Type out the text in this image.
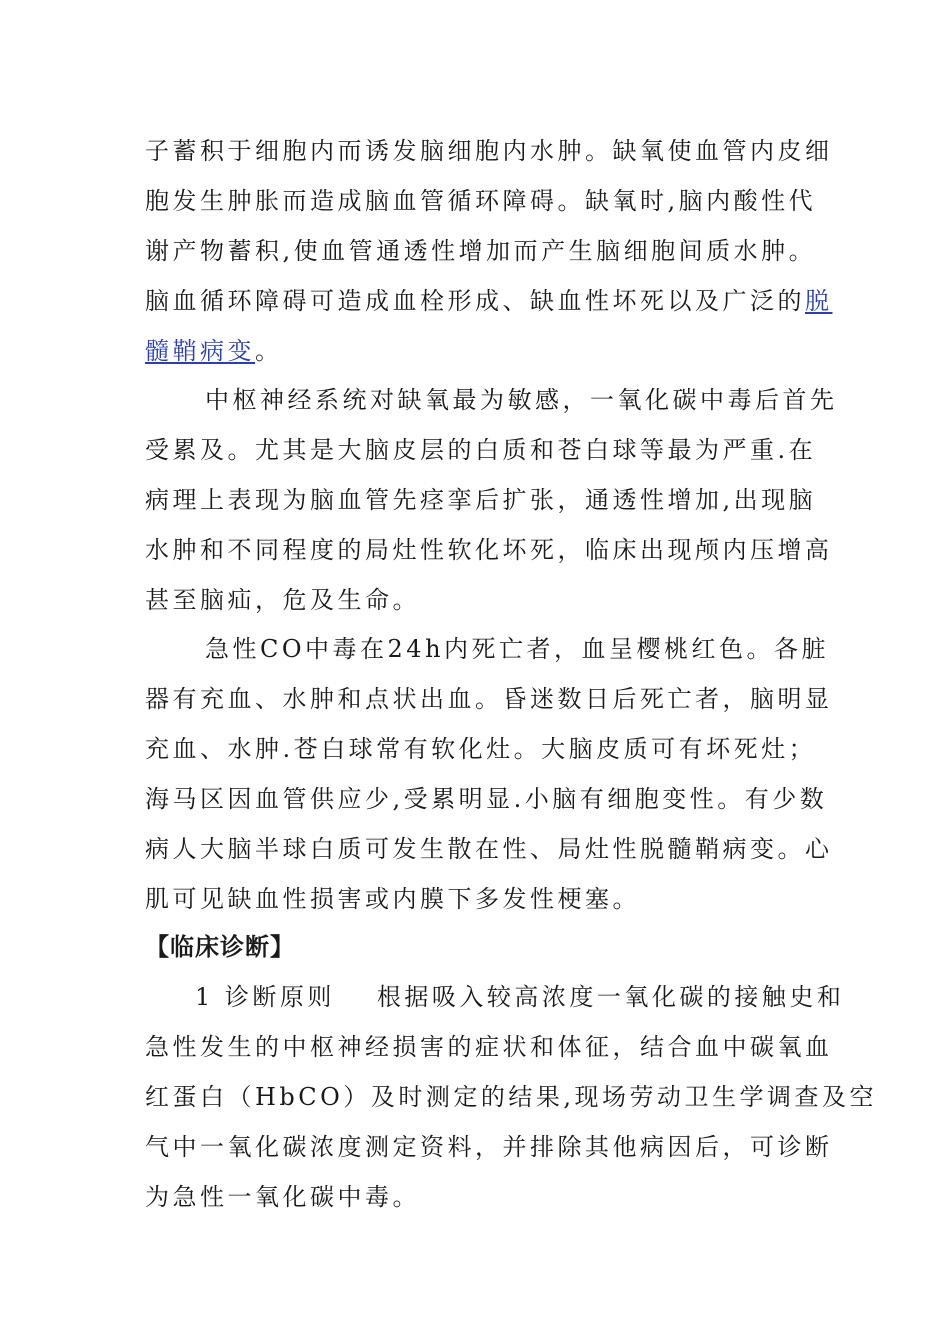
子蓄积于细胞内而诱发脑细胞内水肿。缺氧使血管内皮细
胞发生肿胀而造成脑血管循环障碍。缺氧时,脑内酸性代
谢产物蓄积,使血管通透性增加而产生脑细胞间质水肿。
脑血循环障碍可造成血栓形成、缺血性坏死以及广泛的脱
髓鞘病变。
中枢神经系统对缺氧最为敏感，一氧化碳中毒后首先
受累及。尤其是大脑皮层的白质和苍白球等最为严重.在
病理上表现为脑血管先痉挛后扩张，通透性增加,出现脑
水肿和不同程度的局灶性软化坏死，临床出现颅内压增高
甚至脑疝，危及生命。
急性CO中毒在24h内死亡者，血呈樱桃红色。各脏
器有充血、水肿和点状出血。昏迷数日后死亡者，脑明显
充血、水肿.苍白球常有软化灶。大脑皮质可有坏死灶；
海马区因血管供应少,受累明显.小脑有细胞变性。有少数
病人大脑半球白质可发生散在性、局灶性脱髓鞘病变。心
肌可见缺血性损害或内膜下多发性梗塞。
【临床诊断】
1 诊断原则 根据吸入较高浓度一氧化碳的接触史和
急性发生的中枢神经损害的症状和体征，结合血中碳氧血
红蛋白（HbCO）及时测定的结果,现场劳动卫生学调查及空
气中一氧化碳浓度测定资料，并排除其他病因后，可诊断
为急性一氧化碳中毒。
